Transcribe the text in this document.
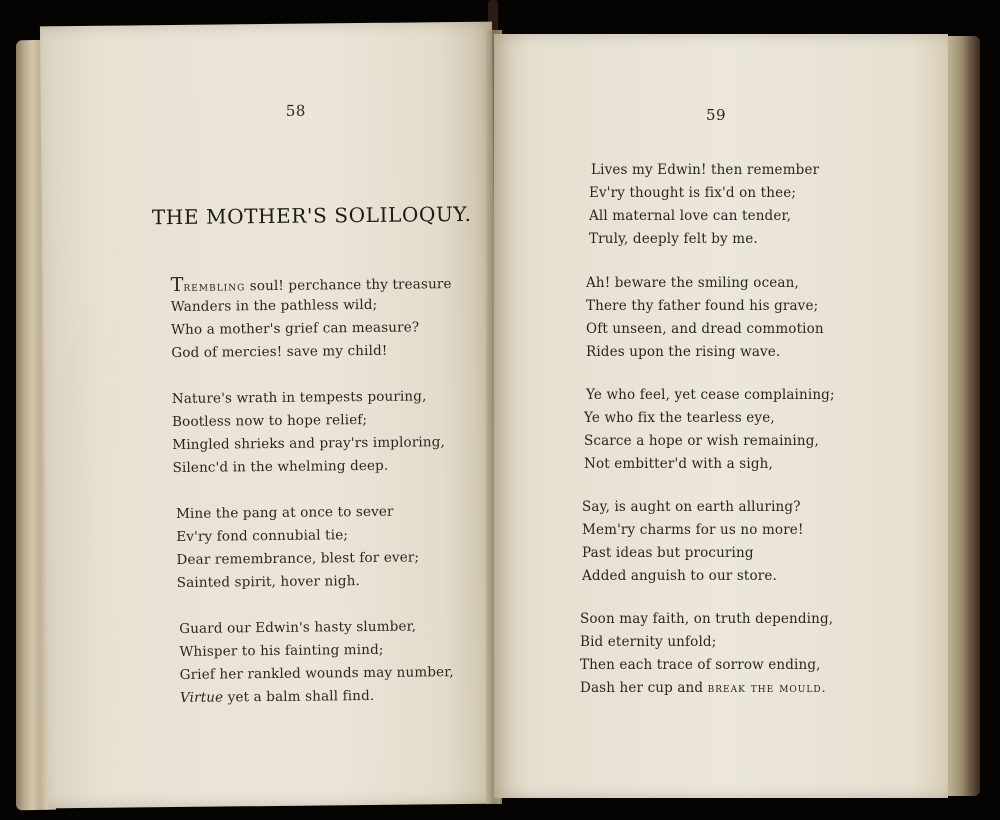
58
THE MOTHER'S SOLILOQUY.
Trembling soul! perchance thy treasure
Wanders in the pathless wild;
Who a mother's grief can measure?
God of mercies! save my child!
Nature's wrath in tempests pouring,
Bootless now to hope relief;
Mingled shrieks and pray'rs imploring,
Silenc'd in the whelming deep.
Mine the pang at once to sever
Ev'ry fond connubial tie;
Dear remembrance, blest for ever;
Sainted spirit, hover nigh.
Guard our Edwin's hasty slumber,
Whisper to his fainting mind;
Grief her rankled wounds may number,
Virtue yet a balm shall find.
59
Lives my Edwin! then remember
Ev'ry thought is fix'd on thee;
All maternal love can tender,
Truly, deeply felt by me.
Ah! beware the smiling ocean,
There thy father found his grave;
Oft unseen, and dread commotion
Rides upon the rising wave.
Ye who feel, yet cease complaining;
Ye who fix the tearless eye,
Scarce a hope or wish remaining,
Not embitter'd with a sigh,
Say, is aught on earth alluring?
Mem'ry charms for us no more!
Past ideas but procuring
Added anguish to our store.
Soon may faith, on truth depending,
Bid eternity unfold;
Then each trace of sorrow ending,
Dash her cup and break the mould.
